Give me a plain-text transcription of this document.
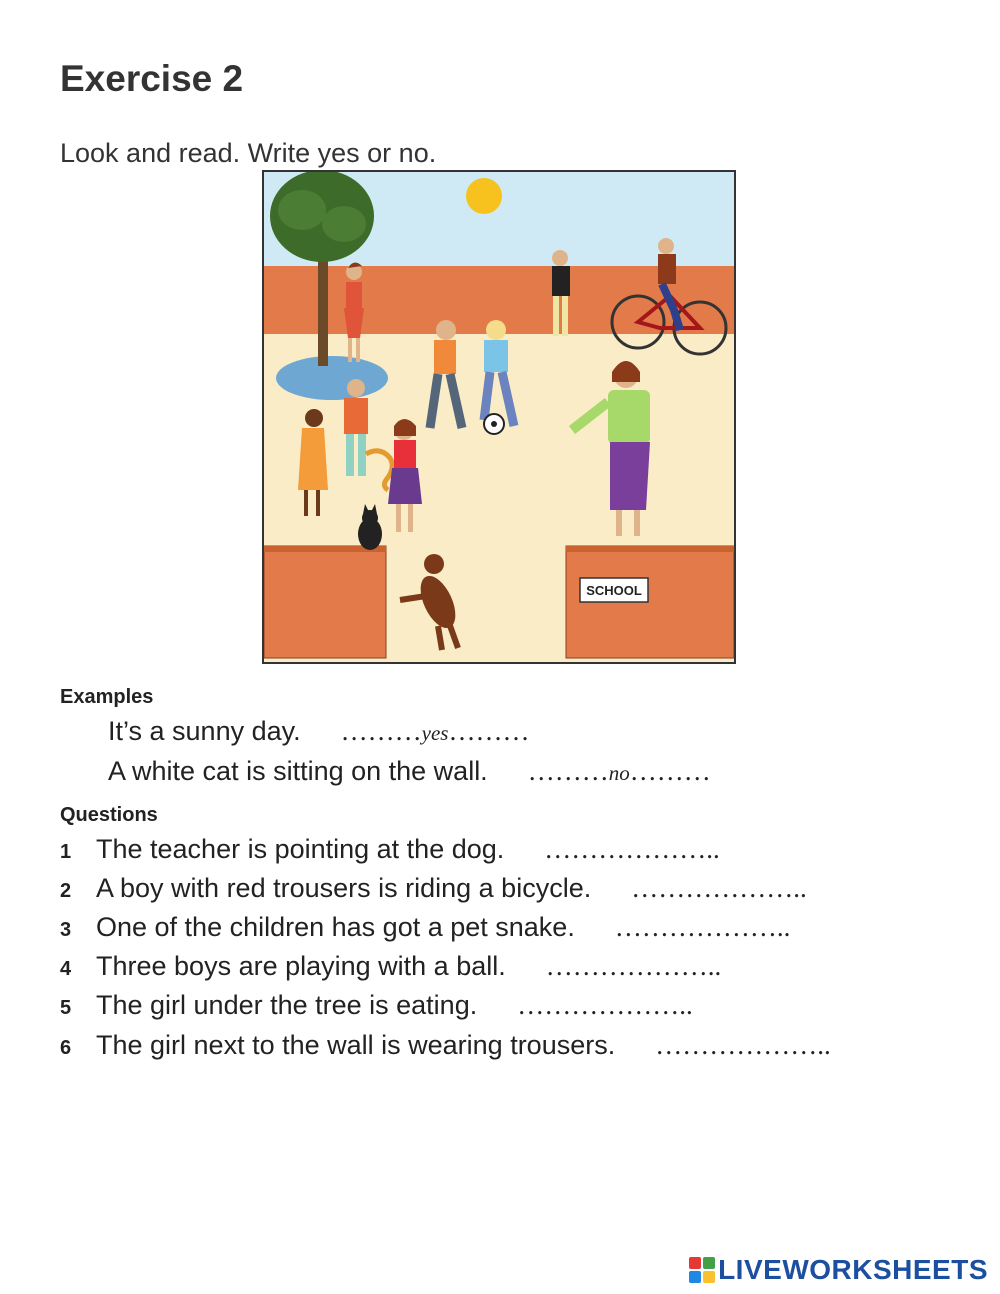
Exercise 2
Look and read. Write yes or no.
SCHOOL
Examples
It’s a sunny day. ………yes………
A white cat is sitting on the wall. ………no………
Questions
1 The teacher is pointing at the dog. ………………..
2 A boy with red trousers is riding a bicycle. ………………..
3 One of the children has got a pet snake. ………………..
4 Three boys are playing with a ball. ………………..
5 The girl under the tree is eating. ………………..
6 The girl next to the wall is wearing trousers. ………………..
LIVEWORKSHEETS
